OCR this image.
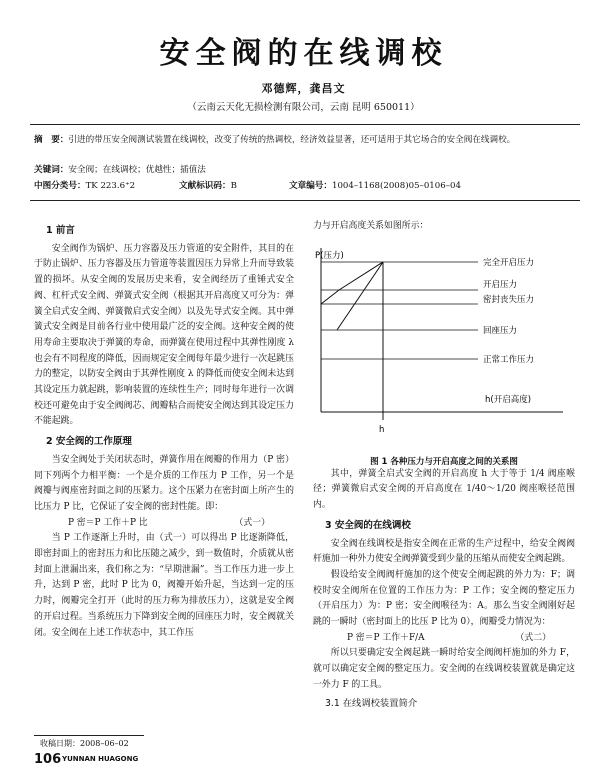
安全阀的在线调校
邓德辉，龚昌文
（云南云天化无损检测有限公司，云南 昆明 650011）
摘　要：引进的带压安全阀测试装置在线调校，改变了传统的热调校，经济效益显著，还可适用于其它场合的安全阀在线调校。
关键词：安全阀；在线调校；优越性；插值法
中图分类号：TK 223.6⁺2	文献标识码：B	文章编号：1004–1168(2008)05–0106–04
1 前言

安全阀作为锅炉、压力容器及压力管道的安全附件，其目的在于防止锅炉、压力容器及压力管道等装置因压力异常上升而导致装置的损坏。从安全阀的发展历史来看，安全阀经历了重锤式安全阀、杠杆式安全阀、弹簧式安全阀（根据其开启高度又可分为：弹簧全启式安全阀、弹簧微启式安全阀）以及先导式安全阀。其中弹簧式安全阀是目前各行业中使用最广泛的安全阀。这种安全阀的使用寿命主要取决于弹簧的寿命，而弹簧在使用过程中其弹性刚度 λ 也会有不同程度的降低，因而规定安全阀每年最少进行一次起跳压力的整定，以防安全阀由于其弹性刚度 λ 的降低而使安全阀未达到其设定压力就起跳，影响装置的连续性生产；同时每年进行一次调校还可避免由于安全阀阀芯、阀瓣粘合而使安全阀达到其设定压力不能起跳。

2 安全阀的工作原理

当安全阀处于关闭状态时，弹簧作用在阀瓣的作用力（P 密）同下列两个力相平衡：一个是介质的工作压力 P 工作，另一个是阀瓣与阀座密封面之间的压紧力。这个压紧力在密封面上所产生的比压力 P 比，它保证了安全阀的密封性能。即：

P 密＝P 工作＋P 比	（式一）

当 P 工作逐渐上升时，由（式一）可以得出 P 比逐渐降低，即密封面上的密封压力和比压随之减少，到一数值时，介质就从密封面上泄漏出来，我们称之为：“早期泄漏”。当工作压力进一步上升，达到 P 密，此时 P 比为 0，阀瓣开始升起，当达到一定的压力时，阀瓣完全打开（此时的压力称为排放压力），这就是安全阀的开启过程。当系统压力下降到安全阀的回座压力时，安全阀就关闭。安全阀在上述工作状态中，其工作压

力与开启高度关系如图所示：

其中，弹簧全启式安全阀的开启高度 h 大于等于 1/4 阀座喉径；弹簧微启式安全阀的开启高度在 1/40～1/20 阀座喉径范围内。

3 安全阀的在线调校

安全阀在线调校是指安全阀在正常的生产过程中，给安全阀阀杆施加一种外力使安全阀弹簧受到少量的压缩从而使安全阀起跳。

假设给安全阀阀杆施加的这个使安全阀起跳的外力为：F；调校时安全阀所在位置的工作压力为：P 工作；安全阀的整定压力（开启压力）为：P 密；安全阀喉径为：A。那么当安全阀刚好起跳的一瞬时（密封面上的比压 P 比为 0），阀瓣受力情况为：

P 密＝P 工作＋F/A	（式二）

所以只要确定安全阀起跳一瞬时给安全阀阀杆施加的外力 F，就可以确定安全阀的整定压力。安全阀的在线调校装置就是确定这一外力 F 的工具。

3.1 在线调校装置简介
P(压力)
h(开启高度)
h
完全开启压力
开启压力
密封丧失压力
回座压力
正常工作压力
图 1 各种压力与开启高度之间的关系图
收稿日期：2008–06–02
106 YUNNAN HUAGONG
